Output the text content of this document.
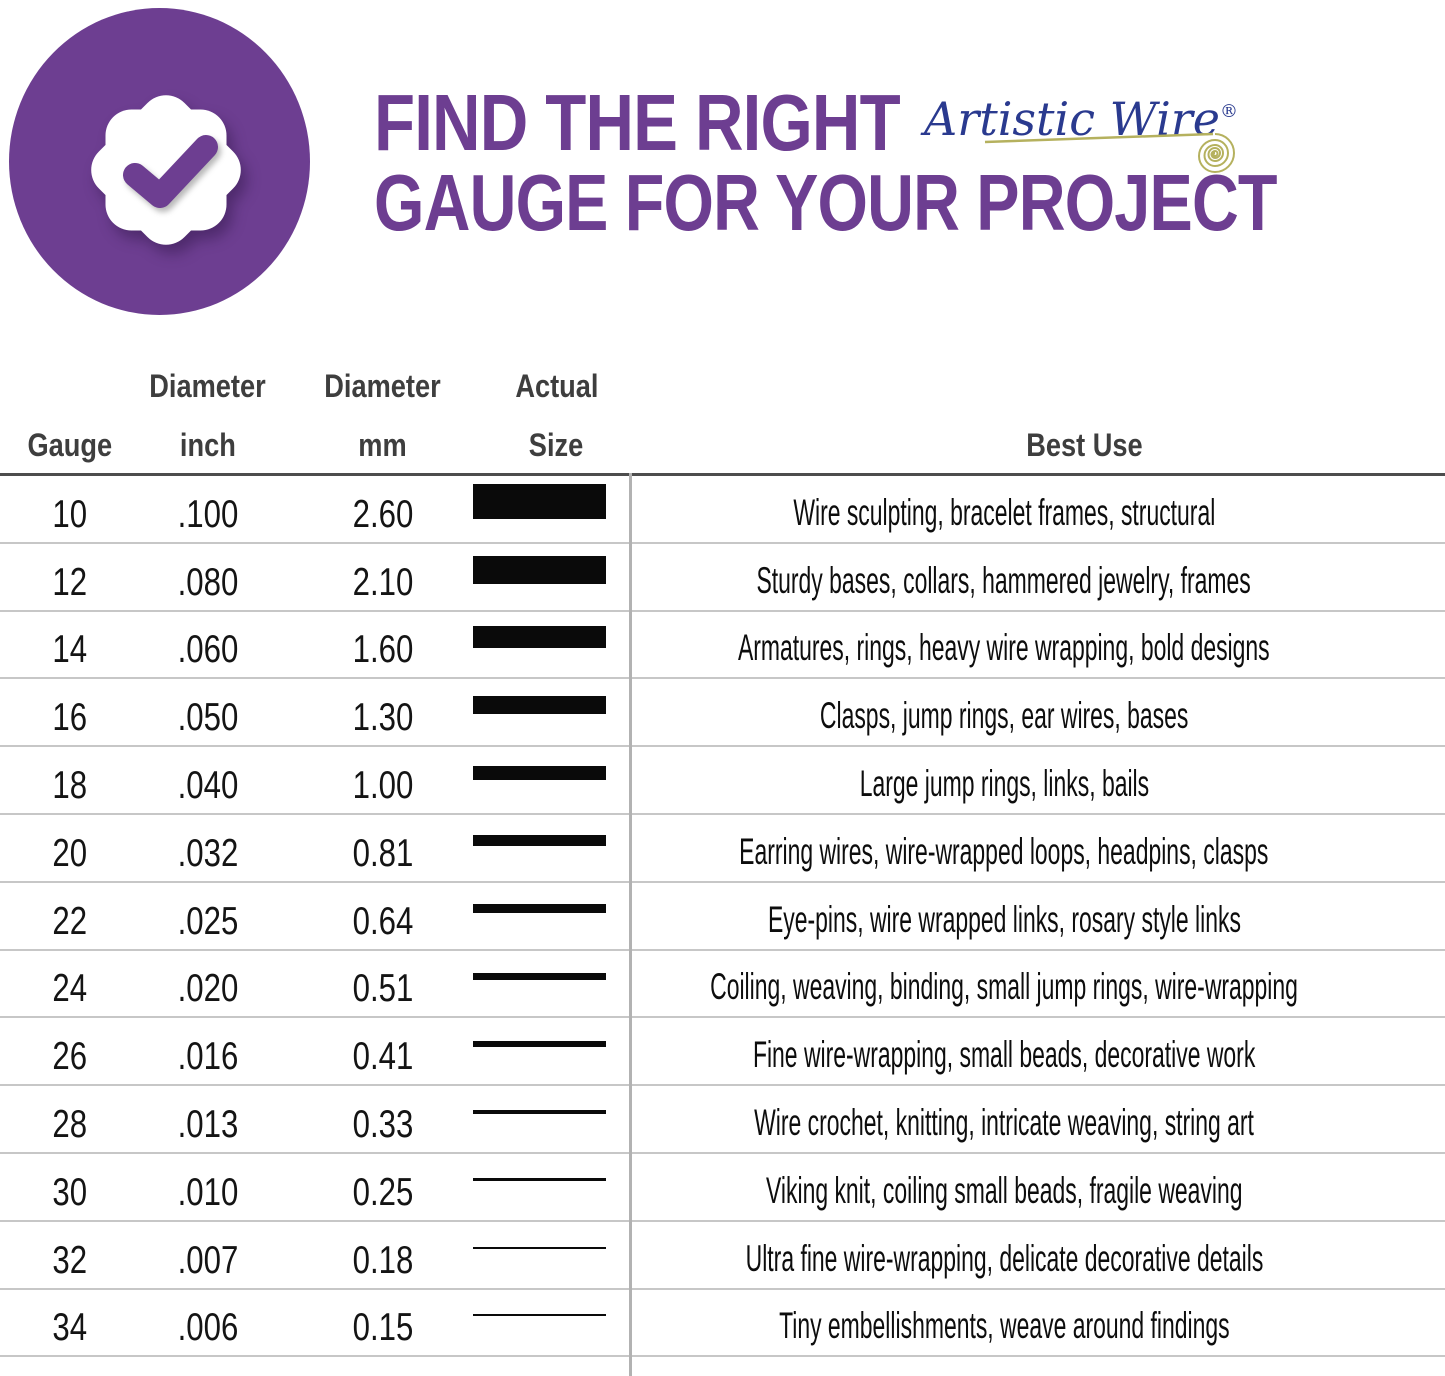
FIND THE RIGHT
GAUGE FOR YOUR PROJECT
Artistic Wire®
Diameter Diameter Actual
Gauge inch	mm	Size	Best Use
10 .100	2.60	Wire sculpting, bracelet frames, structural
12 .080	2.10	Sturdy bases, collars, hammered jewelry, frames
14 .060	1.60	Armatures, rings, heavy wire wrapping, bold designs
16 .050	1.30	Clasps, jump rings, ear wires, bases
18 .040	1.00	Large jump rings, links, bails
20 .032	0.81	Earring wires, wire-wrapped loops, headpins, clasps
22 .025	0.64	Eye-pins, wire wrapped links, rosary style links
24 .020	0.51	Coiling, weaving, binding, small jump rings, wire-wrapping
26 .016	0.41	Fine wire-wrapping, small beads, decorative work
28 .013	0.33	Wire crochet, knitting, intricate weaving, string art
30 .010	0.25	Viking knit, coiling small beads, fragile weaving
32 .007	0.18	Ultra fine wire-wrapping, delicate decorative details
34 .006	0.15	Tiny embellishments, weave around findings
